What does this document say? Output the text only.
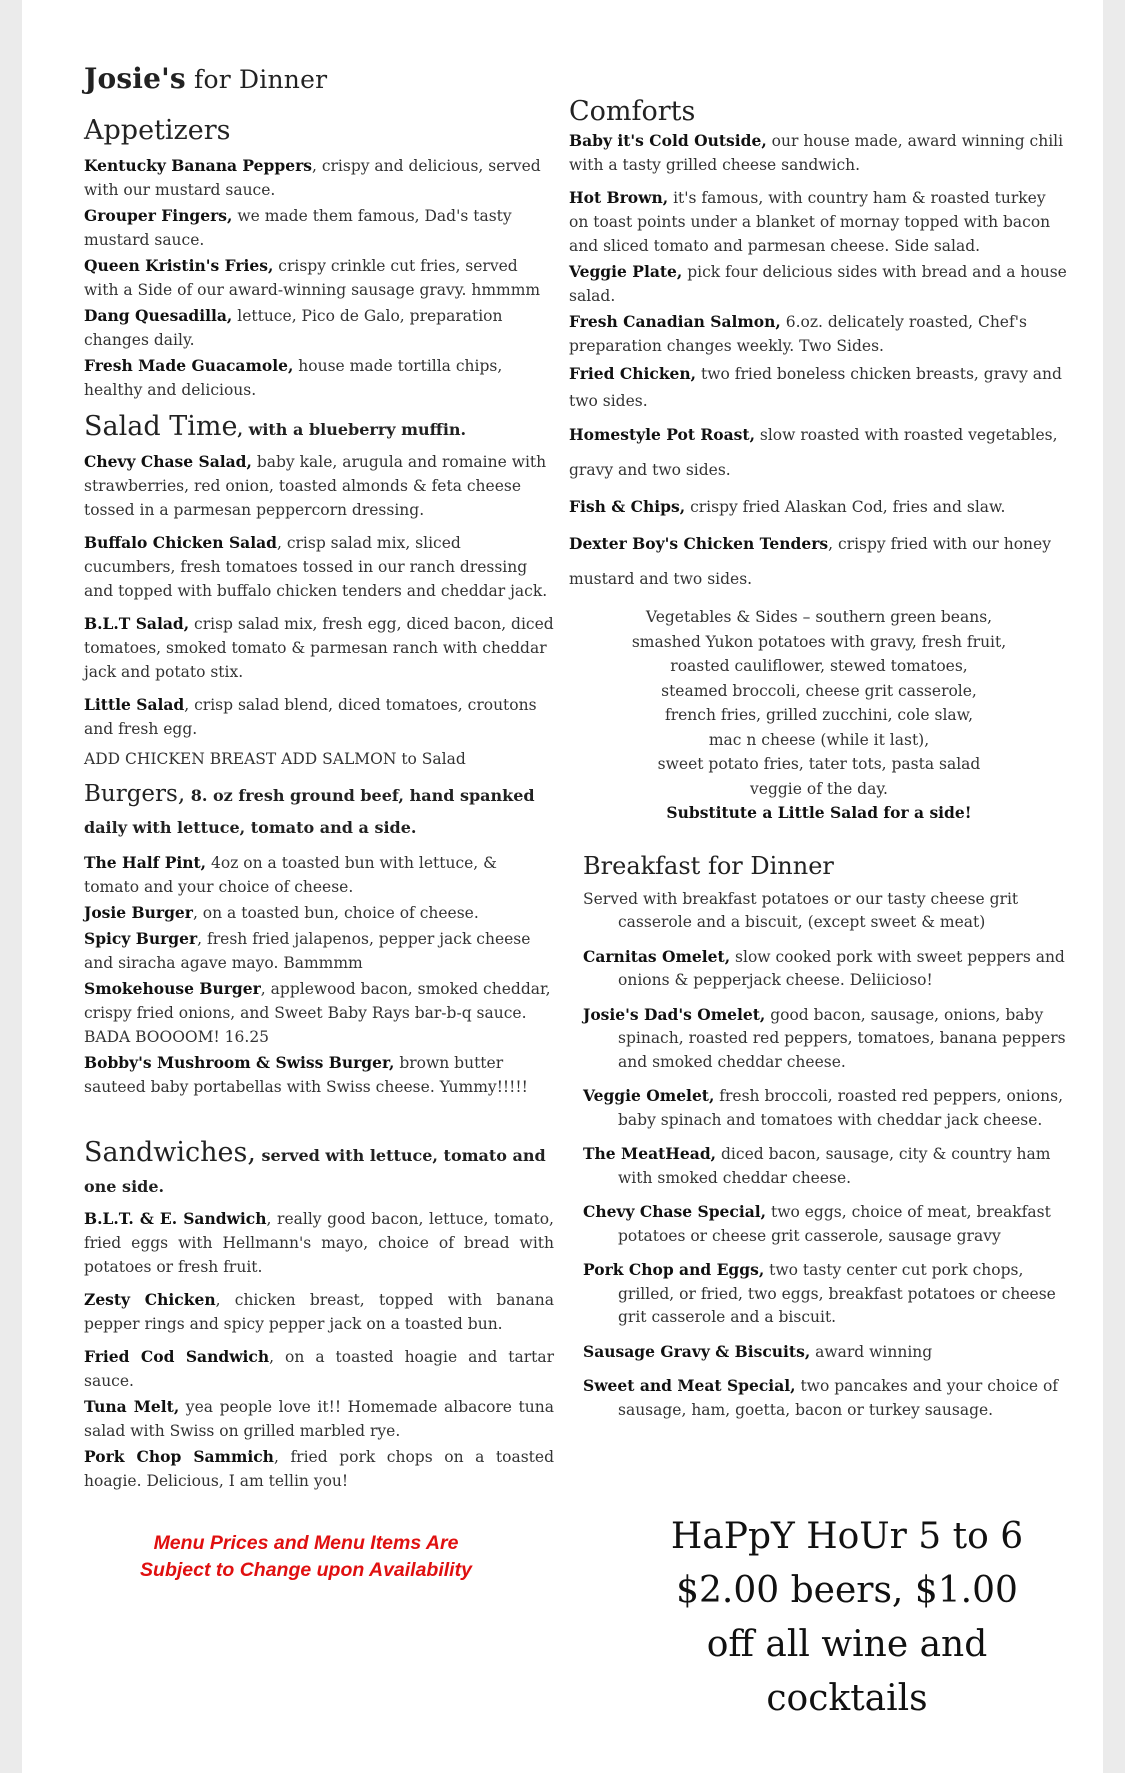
Josie's for Dinner
Appetizers
Kentucky Banana Peppers, crispy and delicious, served with our mustard sauce.
Grouper Fingers, we made them famous, Dad's tasty mustard sauce.
Queen Kristin's Fries, crispy crinkle cut fries, served with a Side of our award-winning sausage gravy. hmmmm
Dang Quesadilla, lettuce, Pico de Galo, preparation changes daily.
Fresh Made Guacamole, house made tortilla chips, healthy and delicious.
Salad Time, with a blueberry muffin.
Chevy Chase Salad, baby kale, arugula and romaine with strawberries, red onion, toasted almonds & feta cheese tossed in a parmesan peppercorn dressing.
Buffalo Chicken Salad, crisp salad mix, sliced cucumbers, fresh tomatoes tossed in our ranch dressing and topped with buffalo chicken tenders and cheddar jack.
B.L.T Salad, crisp salad mix, fresh egg, diced bacon, diced tomatoes, smoked tomato & parmesan ranch with cheddar jack and potato stix.
Little Salad, crisp salad blend, diced tomatoes, croutons and fresh egg.
ADD CHICKEN BREAST ADD SALMON to Salad
Burgers, 8. oz fresh ground beef, hand spanked daily with lettuce, tomato and a side.
The Half Pint, 4oz on a toasted bun with lettuce, & tomato and your choice of cheese.
Josie Burger, on a toasted bun, choice of cheese.
Spicy Burger, fresh fried jalapenos, pepper jack cheese and siracha agave mayo. Bammmm
Smokehouse Burger, applewood bacon, smoked cheddar, crispy fried onions, and Sweet Baby Rays bar-b-q sauce. BADA BOOOOM! 16.25
Bobby's Mushroom & Swiss Burger, brown butter sauteed baby portabellas with Swiss cheese. Yummy!!!!!
Sandwiches, served with lettuce, tomato and one side.
B.L.T. & E. Sandwich, really good bacon, lettuce, tomato, fried eggs with Hellmann's mayo, choice of bread with potatoes or fresh fruit.
Zesty Chicken, chicken breast, topped with banana pepper rings and spicy pepper jack on a toasted bun.
Fried Cod Sandwich, on a toasted hoagie and tartar sauce.
Tuna Melt, yea people love it!! Homemade albacore tuna salad with Swiss on grilled marbled rye.
Pork Chop Sammich, fried pork chops on a toasted hoagie. Delicious, I am tellin you!
Comforts
Baby it's Cold Outside, our house made, award winning chili with a tasty grilled cheese sandwich.
Hot Brown, it's famous, with country ham & roasted turkey on toast points under a blanket of mornay topped with bacon and sliced tomato and parmesan cheese. Side salad.
Veggie Plate, pick four delicious sides with bread and a house salad.
Fresh Canadian Salmon, 6.oz. delicately roasted, Chef's preparation changes weekly. Two Sides.
Fried Chicken, two fried boneless chicken breasts, gravy and two sides.
Homestyle Pot Roast, slow roasted with roasted vegetables, gravy and two sides.
Fish & Chips, crispy fried Alaskan Cod, fries and slaw.
Dexter Boy's Chicken Tenders, crispy fried with our honey mustard and two sides.
Vegetables & Sides – southern green beans,
smashed Yukon potatoes with gravy, fresh fruit,
roasted cauliflower, stewed tomatoes,
steamed broccoli, cheese grit casserole,
french fries, grilled zucchini, cole slaw,
mac n cheese (while it last),
sweet potato fries, tater tots, pasta salad
veggie of the day.
Substitute a Little Salad for a side!
Breakfast for Dinner
Served with breakfast potatoes or our tasty cheese grit casserole and a biscuit, (except sweet & meat)
Carnitas Omelet, slow cooked pork with sweet peppers and onions & pepperjack cheese. Deliicioso!
Josie's Dad's Omelet, good bacon, sausage, onions, baby spinach, roasted red peppers, tomatoes, banana peppers and smoked cheddar cheese.
Veggie Omelet, fresh broccoli, roasted red peppers, onions, baby spinach and tomatoes with cheddar jack cheese.
The MeatHead, diced bacon, sausage, city & country ham with smoked cheddar cheese.
Chevy Chase Special, two eggs, choice of meat, breakfast potatoes or cheese grit casserole, sausage gravy
Pork Chop and Eggs, two tasty center cut pork chops, grilled, or fried, two eggs, breakfast potatoes or cheese grit casserole and a biscuit.
Sausage Gravy & Biscuits, award winning
Sweet and Meat Special, two pancakes and your choice of sausage, ham, goetta, bacon or turkey sausage.
Menu Prices and Menu Items Are
Subject to Change upon Availability
HaPpY HoUr 5 to 6
$2.00 beers, $1.00
off all wine and cocktails
